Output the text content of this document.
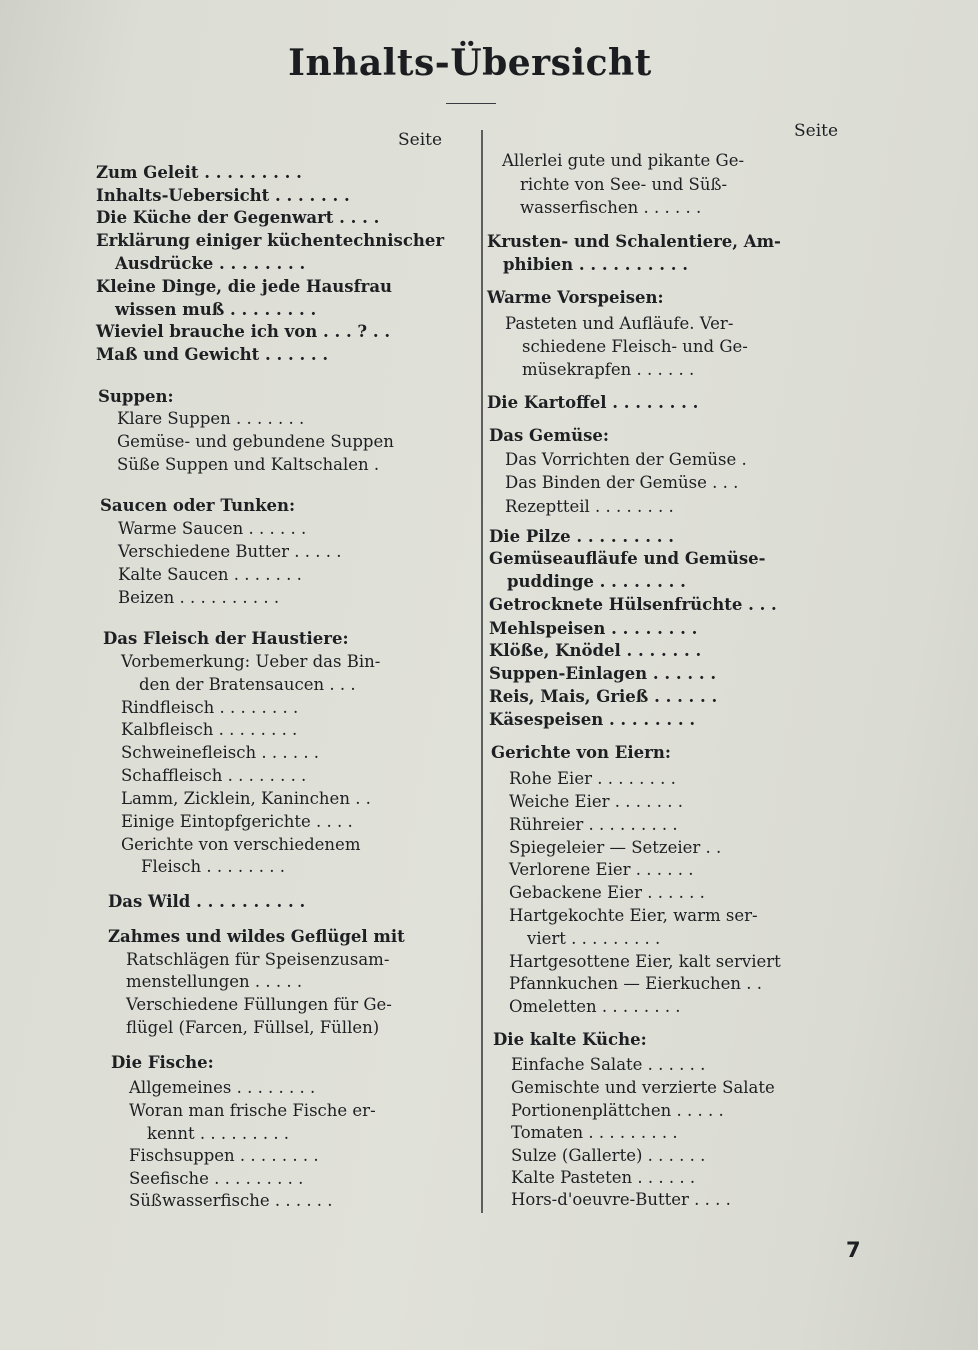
Inhalts-Übersicht
Seite	Seite
Zum Geleit . . . . . . . . .
Inhalts-Uebersicht . . . . . . .
Die Küche der Gegenwart . . . .
Erklärung einiger küchentechnischer
Ausdrücke . . . . . . . .
Kleine Dinge, die jede Hausfrau
wissen muß . . . . . . . .
Wieviel brauche ich von . . . ? . .
Maß und Gewicht . . . . . .
Suppen:
Klare Suppen . . . . . . .
Gemüse- und gebundene Suppen
Süße Suppen und Kaltschalen .
Saucen oder Tunken:
Warme Saucen . . . . . .
Verschiedene Butter . . . . .
Kalte Saucen . . . . . . .
Beizen . . . . . . . . . .
Das Fleisch der Haustiere:
Vorbemerkung: Ueber das Bin-
den der Bratensaucen . . .
Rindfleisch . . . . . . . .
Kalbfleisch . . . . . . . .
Schweinefleisch . . . . . .
Schaffleisch . . . . . . . .
Lamm, Zicklein, Kaninchen . .
Einige Eintopfgerichte . . . .
Gerichte von verschiedenem
Fleisch . . . . . . . .
Das Wild . . . . . . . . . .
Zahmes und wildes Geflügel mit
Ratschlägen für Speisenzusam-
menstellungen . . . . .
Verschiedene Füllungen für Ge-
flügel (Farcen, Füllsel, Füllen)
Die Fische:
Allgemeines . . . . . . . .
Woran man frische Fische er-
kennt . . . . . . . . .
Fischsuppen . . . . . . . .
Seefische . . . . . . . . .
Süßwasserfische . . . . . .
Allerlei gute und pikante Ge-
richte von See- und Süß-
wasserfischen . . . . . .
Krusten- und Schalentiere, Am-
phibien . . . . . . . . . .
Warme Vorspeisen:
Pasteten und Aufläufe. Ver-
schiedene Fleisch- und Ge-
müsekrapfen . . . . . .
Die Kartoffel . . . . . . . .
Das Gemüse:
Das Vorrichten der Gemüse .
Das Binden der Gemüse . . .
Rezeptteil . . . . . . . .
Die Pilze . . . . . . . . .
Gemüseaufläufe und Gemüse-
puddinge . . . . . . . .
Getrocknete Hülsenfrüchte . . .
Mehlspeisen . . . . . . . .
Klöße, Knödel . . . . . . .
Suppen-Einlagen . . . . . .
Reis, Mais, Grieß . . . . . .
Käsespeisen . . . . . . . .
Gerichte von Eiern:
Rohe Eier . . . . . . . .
Weiche Eier . . . . . . .
Rühreier . . . . . . . . .
Spiegeleier — Setzeier . .
Verlorene Eier . . . . . .
Gebackene Eier . . . . . .
Hartgekochte Eier, warm ser-
viert . . . . . . . . .
Hartgesottene Eier, kalt serviert
Pfannkuchen — Eierkuchen . .
Omeletten . . . . . . . .
Die kalte Küche:
Einfache Salate . . . . . .
Gemischte und verzierte Salate
Portionenplättchen . . . . .
Tomaten . . . . . . . . .
Sulze (Gallerte) . . . . . .
Kalte Pasteten . . . . . .
Hors-d'oeuvre-Butter . . . .
7
